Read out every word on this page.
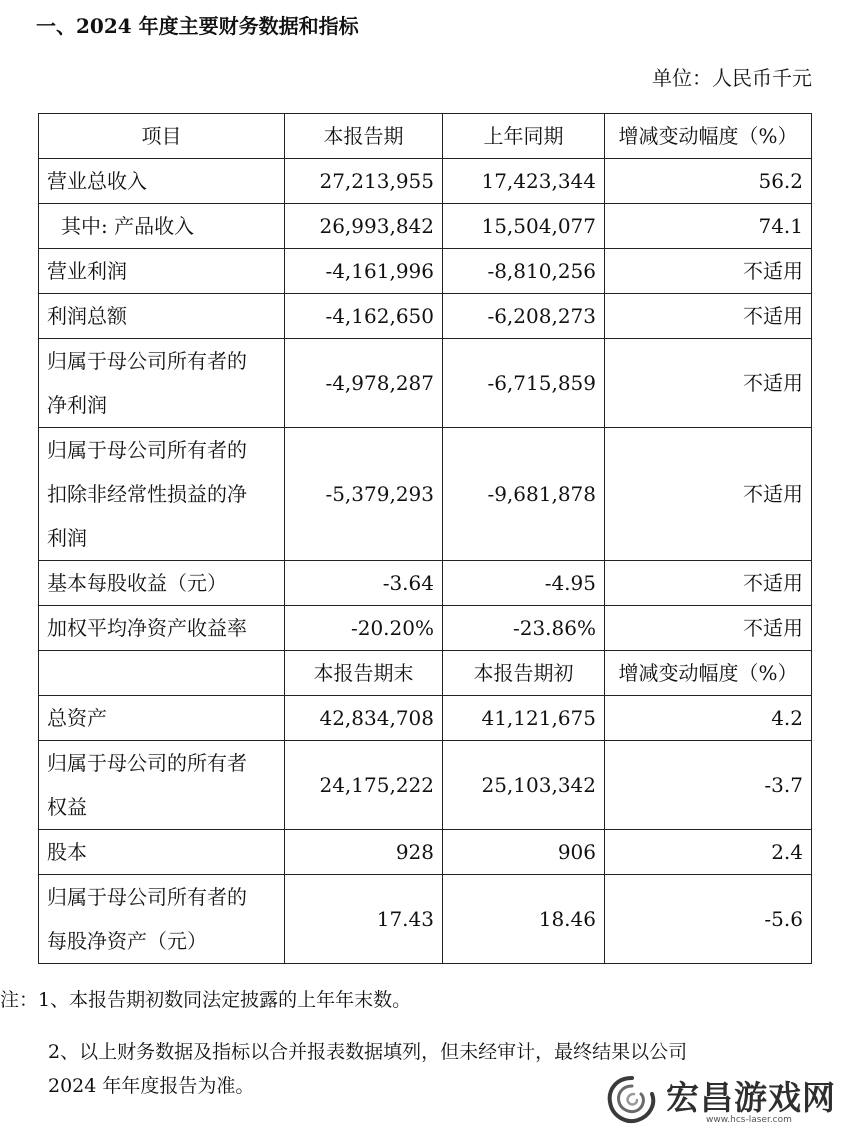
一、2024 年度主要财务数据和指标
单位：人民币千元
项目	本报告期	上年同期	增减变动幅度（%）
营业总收入	27,213,955	17,423,344	56.2
其中: 产品收入	26,993,842	15,504,077	74.1
营业利润	-4,161,996	-8,810,256	不适用
利润总额	-4,162,650	-6,208,273	不适用

归属于母公司所有者的
净利润	-4,978,287	-6,715,859	不适用

归属于母公司所有者的
扣除非经常性损益的净
利润	-5,379,293	-9,681,878	不适用
基本每股收益（元）	-3.64	-4.95	不适用
加权平均净资产收益率	-20.20%	-23.86%	不适用
	本报告期末	本报告期初	增减变动幅度（%）
总资产	42,834,708	41,121,675	4.2

归属于母公司的所有者
权益	24,175,222	25,103,342	-3.7
股本	928	906	2.4

归属于母公司所有者的
每股净资产（元）	17.43	18.46	-5.6
注：1、本报告期初数同法定披露的上年年末数。
2、以上财务数据及指标以合并报表数据填列，但未经审计，最终结果以公司
2024 年年度报告为准。	宏昌游戏网
www.hcs-laser.com
